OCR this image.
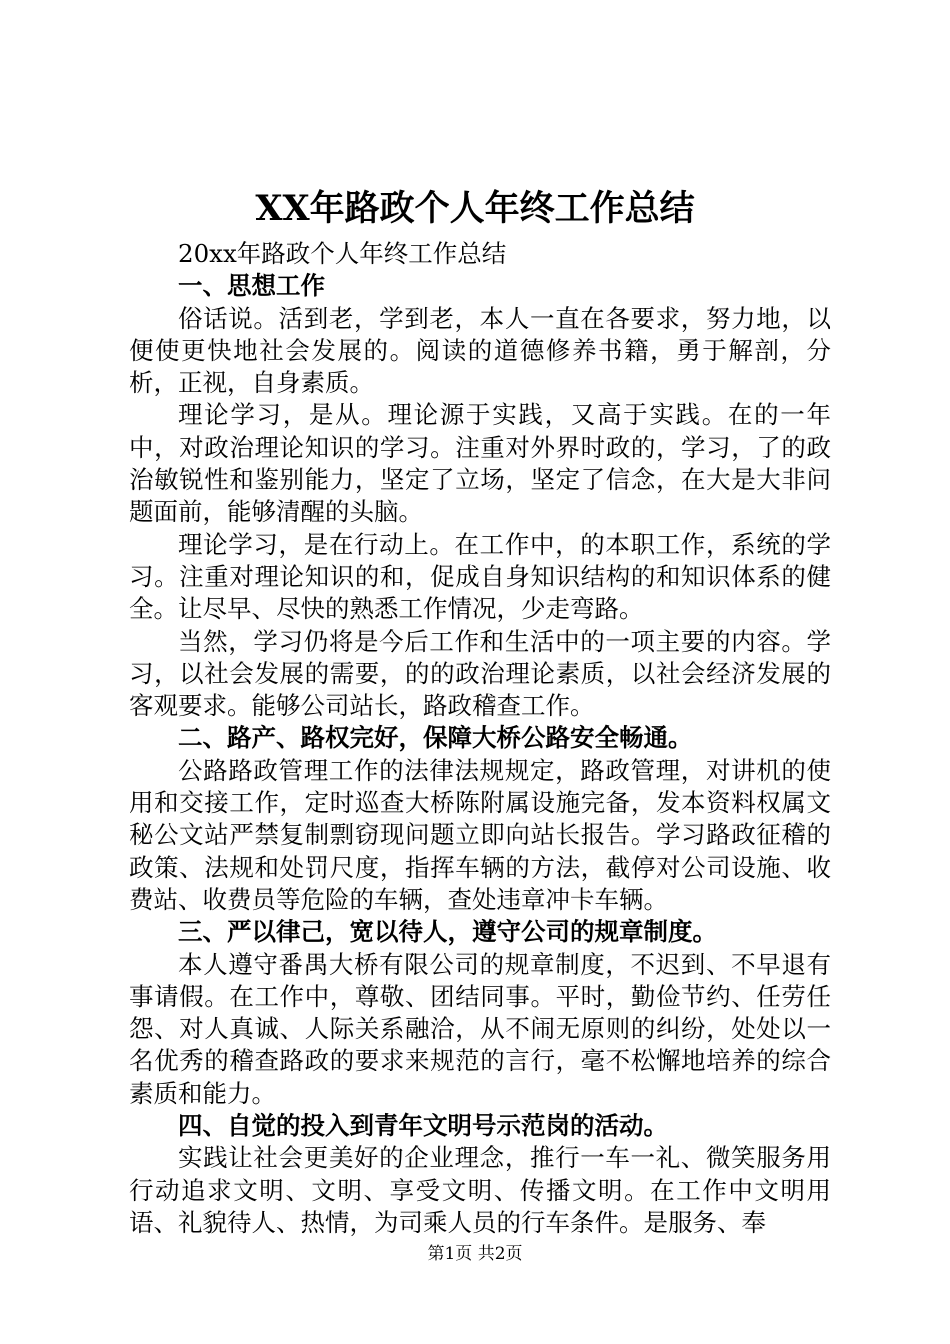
XX年路政个人年终工作总结

20xx年路政个人年终工作总结

一、思想工作

俗话说。活到老，学到老，本人一直在各要求，努力地，以便使更快地社会发展的。阅读的道德修养书籍，勇于解剖，分析，正视，自身素质。

理论学习，是从。理论源于实践，又高于实践。在的一年中，对政治理论知识的学习。注重对外界时政的，学习，了的政治敏锐性和鉴别能力，坚定了立场，坚定了信念，在大是大非问题面前，能够清醒的头脑。

理论学习，是在行动上。在工作中，的本职工作，系统的学习。注重对理论知识的和，促成自身知识结构的和知识体系的健全。让尽早、尽快的熟悉工作情况，少走弯路。

当然，学习仍将是今后工作和生活中的一项主要的内容。学习，以社会发展的需要，的的政治理论素质，以社会经济发展的客观要求。能够公司站长，路政稽查工作。

二、路产、路权完好，保障大桥公路安全畅通。

公路路政管理工作的法律法规规定，路政管理，对讲机的使用和交接工作，定时巡查大桥陈附属设施完备，发本资料权属文秘公文站严禁复制剽窃现问题立即向站长报告。学习路政征稽的政策、法规和处罚尺度，指挥车辆的方法，截停对公司设施、收费站、收费员等危险的车辆，查处违章冲卡车辆。

三、严以律己，宽以待人，遵守公司的规章制度。

本人遵守番禺大桥有限公司的规章制度，不迟到、不早退有事请假。在工作中，尊敬、团结同事。平时，勤俭节约、任劳任怨、对人真诚、人际关系融洽，从不闹无原则的纠纷，处处以一名优秀的稽查路政的要求来规范的言行，毫不松懈地培养的综合素质和能力。

四、自觉的投入到青年文明号示范岗的活动。

实践让社会更美好的企业理念，推行一车一礼、微笑服务用行动追求文明、文明、享受文明、传播文明。在工作中文明用语、礼貌待人、热情，为司乘人员的行车条件。是服务、奉

第1页 共2页
